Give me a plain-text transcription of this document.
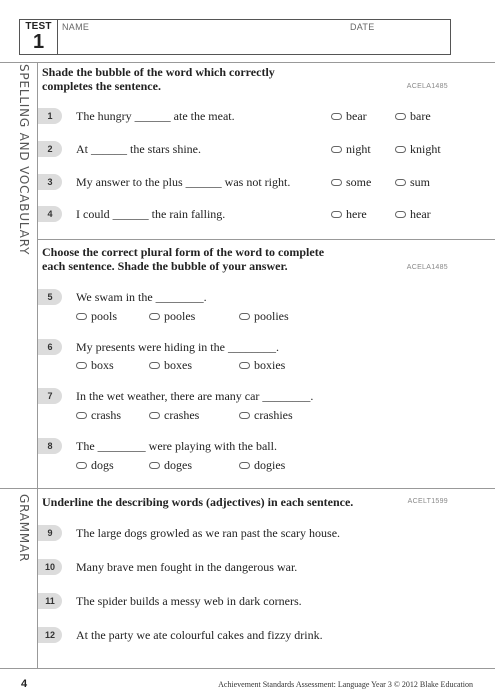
TEST
1
NAME	DATE
SPELLING AND VOCABULARY
GRAMMAR
Shade the bubble of the word which correctly
completes the sentence.	ACELA1485
1	The hungry ______ ate the meat.	bear	bare
2	At ______ the stars shine.	night	knight
3	My answer to the plus ______ was not right.	some	sum
4	I could ______ the rain falling.	here	hear
Choose the correct plural form of the word to complete
each sentence. Shade the bubble of your answer.	ACELA1485
5	We swam in the ________.
pools	pooles	poolies
6	My presents were hiding in the ________.
boxs	boxes	boxies
7	In the wet weather, there are many car ________.
crashs	crashes	crashies
8	The ________ were playing with the ball.
dogs	doges	dogies
Underline the describing words (adjectives) in each sentence.	ACELT1599
9	The large dogs growled as we ran past the scary house.
10	Many brave men fought in the dangerous war.
11	The spider builds a messy web in dark corners.
12	At the party we ate colourful cakes and fizzy drink.
4	Achievement Standards Assessment: Language Year 3 © 2012 Blake Education
